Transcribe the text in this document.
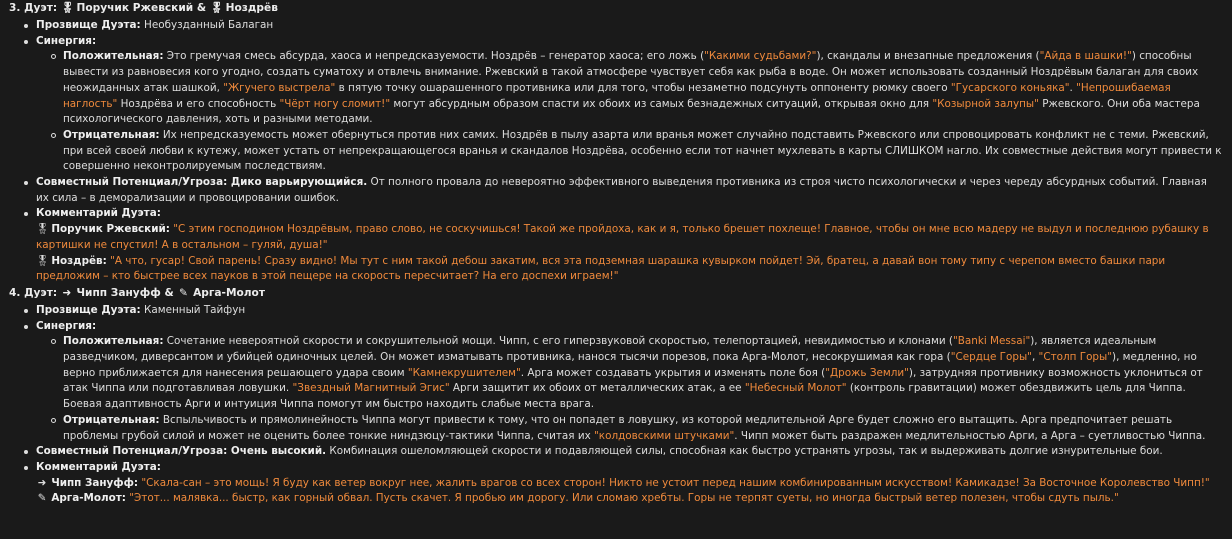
3. Дуэт: 🎖 Поручик Ржевский & 🎖 Ноздрёв
Прозвище Дуэта: Необузданный Балаган
Синергия:
Положительная: Это гремучая смесь абсурда, хаоса и непредсказуемости. Ноздрёв – генератор хаоса; его ложь ("Какими судьбами?"), скандалы и внезапные предложения ("Айда в шашки!") способны вывести из равновесия кого угодно, создать суматоху и отвлечь внимание. Ржевский в такой атмосфере чувствует себя как рыба в воде. Он может использовать созданный Ноздрёвым балаган для своих неожиданных атак шашкой, "Жгучего выстрела" в пятую точку ошарашенного противника или для того, чтобы незаметно подсунуть оппоненту рюмку своего "Гусарского коньяка". "Непрошибаемая наглость" Ноздрёва и его способность "Чёрт ногу сломит!" могут абсурдным образом спасти их обоих из самых безнадежных ситуаций, открывая окно для "Козырной залупы" Ржевского. Они оба мастера психологического давления, хоть и разными методами.
Отрицательная: Их непредсказуемость может обернуться против них самих. Ноздрёв в пылу азарта или вранья может случайно подставить Ржевского или спровоцировать конфликт не с теми. Ржевский, при всей своей любви к кутежу, может устать от непрекращающегося вранья и скандалов Ноздрёва, особенно если тот начнет мухлевать в карты СЛИШКОМ нагло. Их совместные действия могут привести к совершенно неконтролируемым последствиям.
Совместный Потенциал/Угроза: Дико варьирующийся. От полного провала до невероятно эффективного выведения противника из строя чисто психологически и через череду абсурдных событий. Главная их сила – в деморализации и провоцировании ошибок.
Комментарий Дуэта:
🎖 Поручик Ржевский: "С этим господином Ноздрёвым, право слово, не соскучишься! Такой же пройдоха, как и я, только брешет похлеще! Главное, чтобы он мне всю мадеру не выдул и последнюю рубашку в картишки не спустил! А в остальном – гуляй, душа!"
🎖 Ноздрёв: "А что, гусар! Свой парень! Сразу видно! Мы тут с ним такой дебош закатим, вся эта подземная шарашка кувырком пойдет! Эй, братец, а давай вон тому типу с черепом вместо башки пари предложим – кто быстрее всех пауков в этой пещере на скорость пересчитает? На его доспехи играем!"
4. Дуэт: ➜ Чипп Зануфф & ✎ Арга-Молот
Прозвище Дуэта: Каменный Тайфун
Синергия:
Положительная: Сочетание невероятной скорости и сокрушительной мощи. Чипп, с его гиперзвуковой скоростью, телепортацией, невидимостью и клонами ("Banki Messai"), является идеальным разведчиком, диверсантом и убийцей одиночных целей. Он может изматывать противника, нанося тысячи порезов, пока Арга-Молот, несокрушимая как гора ("Сердце Горы", "Столп Горы"), медленно, но верно приближается для нанесения решающего удара своим "Камнекрушителем". Арга может создавать укрытия и изменять поле боя ("Дрожь Земли"), затрудняя противнику возможность уклониться от атак Чиппа или подготавливая ловушки. "Звездный Магнитный Эгис" Арги защитит их обоих от металлических атак, а ее "Небесный Молот" (контроль гравитации) может обездвижить цель для Чиппа. Боевая адаптивность Арги и интуиция Чиппа помогут им быстро находить слабые места врага.
Отрицательная: Вспыльчивость и прямолинейность Чиппа могут привести к тому, что он попадет в ловушку, из которой медлительной Арге будет сложно его вытащить. Арга предпочитает решать проблемы грубой силой и может не оценить более тонкие ниндзюцу-тактики Чиппа, считая их "колдовскими штучками". Чипп может быть раздражен медлительностью Арги, а Арга – суетливостью Чиппа.
Совместный Потенциал/Угроза: Очень высокий. Комбинация ошеломляющей скорости и подавляющей силы, способная как быстро устранять угрозы, так и выдерживать долгие изнурительные бои.
Комментарий Дуэта:
➜ Чипп Зануфф: "Скала-сан – это мощь! Я буду как ветер вокруг нее, жалить врагов со всех сторон! Никто не устоит перед нашим комбинированным искусством! Камикадзе! За Восточное Королевство Чипп!"
✎ Арга-Молот: "Этот... малявка... быстр, как горный обвал. Пусть скачет. Я пробью им дорогу. Или сломаю хребты. Горы не терпят суеты, но иногда быстрый ветер полезен, чтобы сдуть пыль."
